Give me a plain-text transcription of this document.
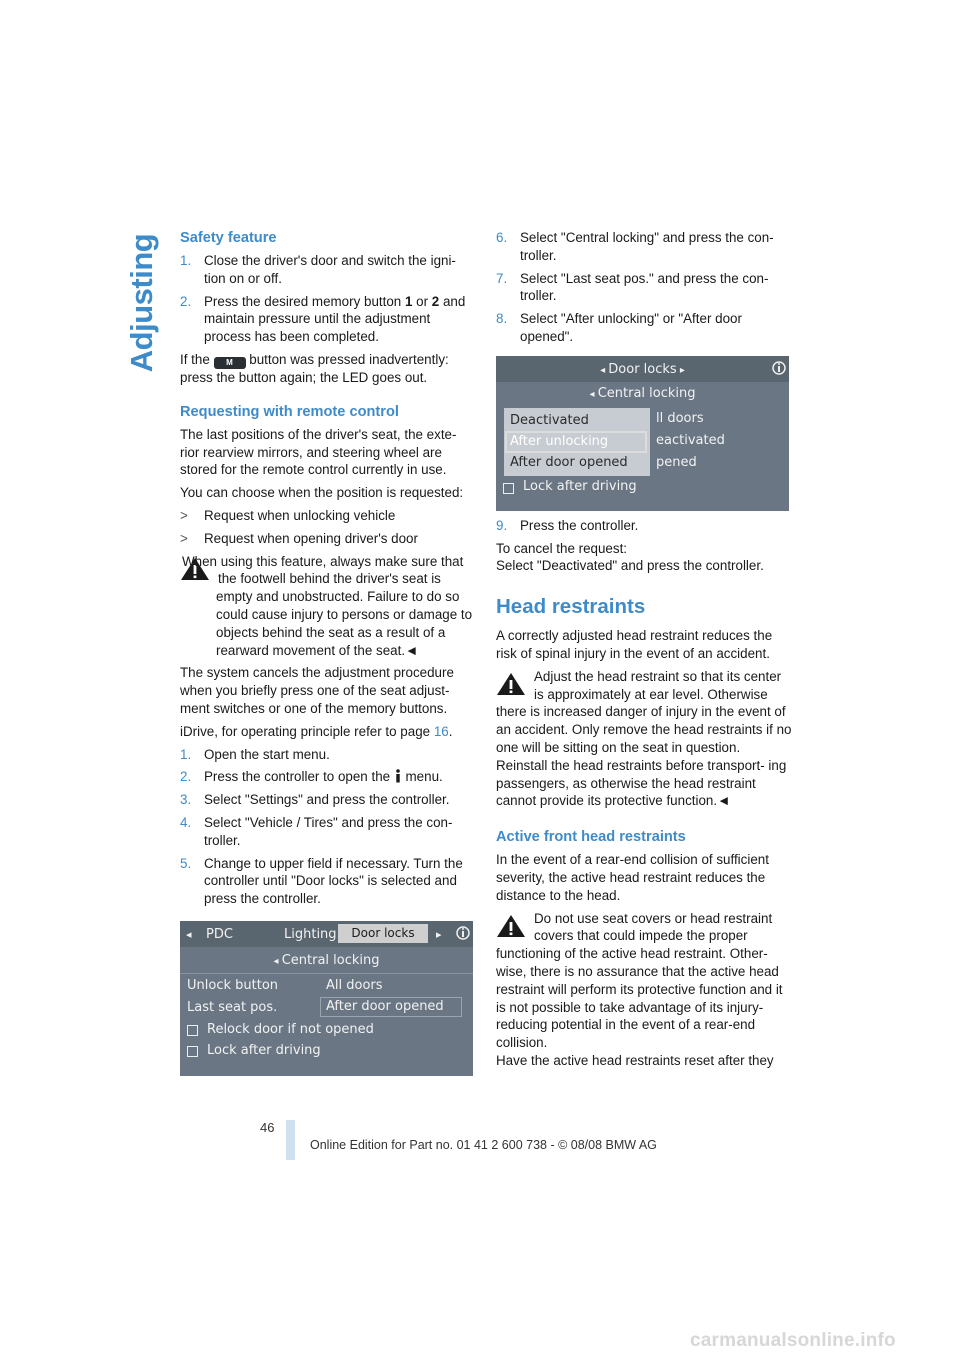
Adjusting Safety feature
1. Close the driver's door and switch the igni- tion on or off.
2. Press the desired memory button 1 or 2 and maintain pressure until the adjustment process has been completed.

If the M button was pressed inadvertently: press the button again; the LED goes out.

Requesting with remote control

The last positions of the driver's seat, the exte- rior rearview mirrors, and steering wheel are stored for the remote control currently in use.

You can choose when the position is requested:

>	Request when unlocking vehicle
>	Request when opening driver's door
When using this feature, always make sure that the footwell behind the driver's seat is empty and unobstructed. Failure to do so could cause injury to persons or damage to objects behind the seat as a result of a rearward movement of the seat.◄

The system cancels the adjustment procedure when you briefly press one of the seat adjust- ment switches or one of the memory buttons.

iDrive, for operating principle refer to page 16.

1. Open the start menu.
2. Press the controller to open the  menu.
3. Select "Settings" and press the controller.
4. Select "Vehicle / Tires" and press the con- troller.
5. Change to upper field if necessary. Turn the controller until "Door locks" is selected and press the controller.
◂ PDC	Lighting	Door locks	▸
◂ Central locking
Unlock button	All doors
Last seat pos.	After door opened
Relock door if not opened
Lock after driving
6. Select "Central locking" and press the con- troller.
7. Select "Last seat pos." and press the con- troller.
8. Select "After unlocking" or "After door opened".
◂ Door locks ▸
◂ Central locking
ll doors
eactivated
pened
Deactivated
After unlocking
After door opened
Lock after driving
9. Press the controller.

To cancel the request:

Select "Deactivated" and press the controller.

Head restraints

A correctly adjusted head restraint reduces the risk of spinal injury in the event of an accident.

Adjust the head restraint so that its center is approximately at ear level. Otherwise there is increased danger of injury in the event of an accident. Only remove the head restraints if no one will be sitting on the seat in question. Reinstall the head restraints before transport- ing passengers, as otherwise the head restraint cannot provide its protective function.◄
Active front head restraints

In the event of a rear-end collision of sufficient severity, the active head restraint reduces the distance to the head.

Do not use seat covers or head restraint covers that could impede the proper functioning of the active head restraint. Other- wise, there is no assurance that the active head restraint will perform its protective function and it is not possible to take advantage of its injury- reducing potential in the event of a rear-end collision.

Have the active head restraints reset after they

46
Online Edition for Part no. 01 41 2 600 738 - © 08/08 BMW AG
carmanualsonline.info
